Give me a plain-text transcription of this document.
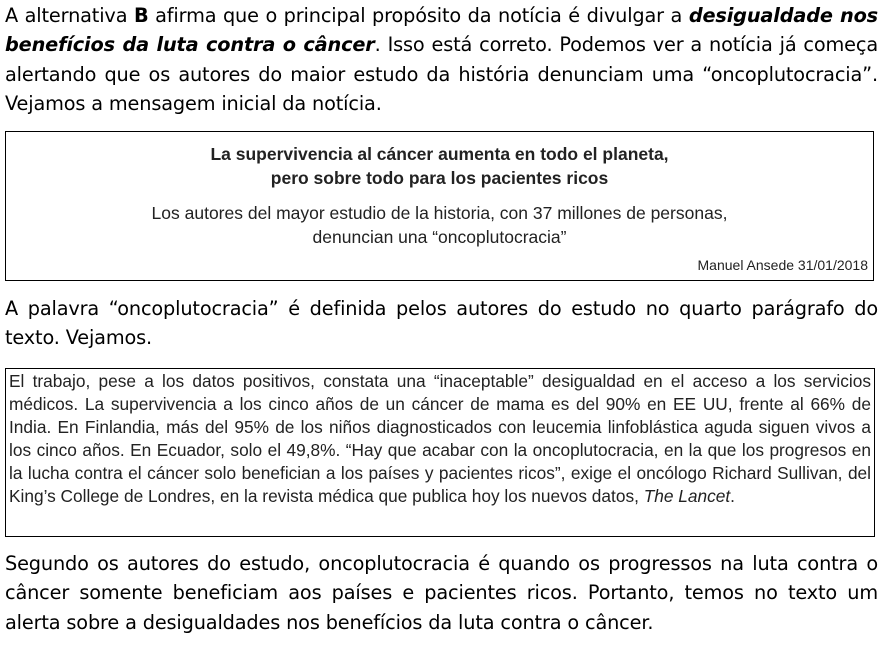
A alternativa B afirma que o principal propósito da notícia é divulgar a desigualdade nos benefícios da luta contra o câncer. Isso está correto. Podemos ver a notícia já começa alertando que os autores do maior estudo da história denunciam uma “oncoplutocracia”. Vejamos a mensagem inicial da notícia.

La supervivencia al cáncer aumenta en todo el planeta,
pero sobre todo para los pacientes ricos

Los autores del mayor estudio de la historia, con 37 millones de personas,
denuncian una “oncoplutocracia”

Manuel Ansede 31/01/2018

A palavra “oncoplutocracia” é definida pelos autores do estudo no quarto parágrafo do texto. Vejamos.

El trabajo, pese a los datos positivos, constata una “inaceptable” desigualdad en el acceso a los servicios médicos. La supervivencia a los cinco años de un cáncer de mama es del 90% en EE UU, frente al 66% de India. En Finlandia, más del 95% de los niños diagnosticados con leucemia linfoblástica aguda siguen vivos a los cinco años. En Ecuador, solo el 49,8%. “Hay que acabar con la oncoplutocracia, en la que los progresos en la lucha contra el cáncer solo benefician a los países y pacientes ricos”, exige el oncólogo Richard Sullivan, del King’s College de Londres, en la revista médica que publica hoy los nuevos datos, The Lancet.

Segundo os autores do estudo, oncoplutocracia é quando os progressos na luta contra o câncer somente beneficiam aos países e pacientes ricos. Portanto, temos no texto um alerta sobre a desigualdades nos benefícios da luta contra o câncer.
